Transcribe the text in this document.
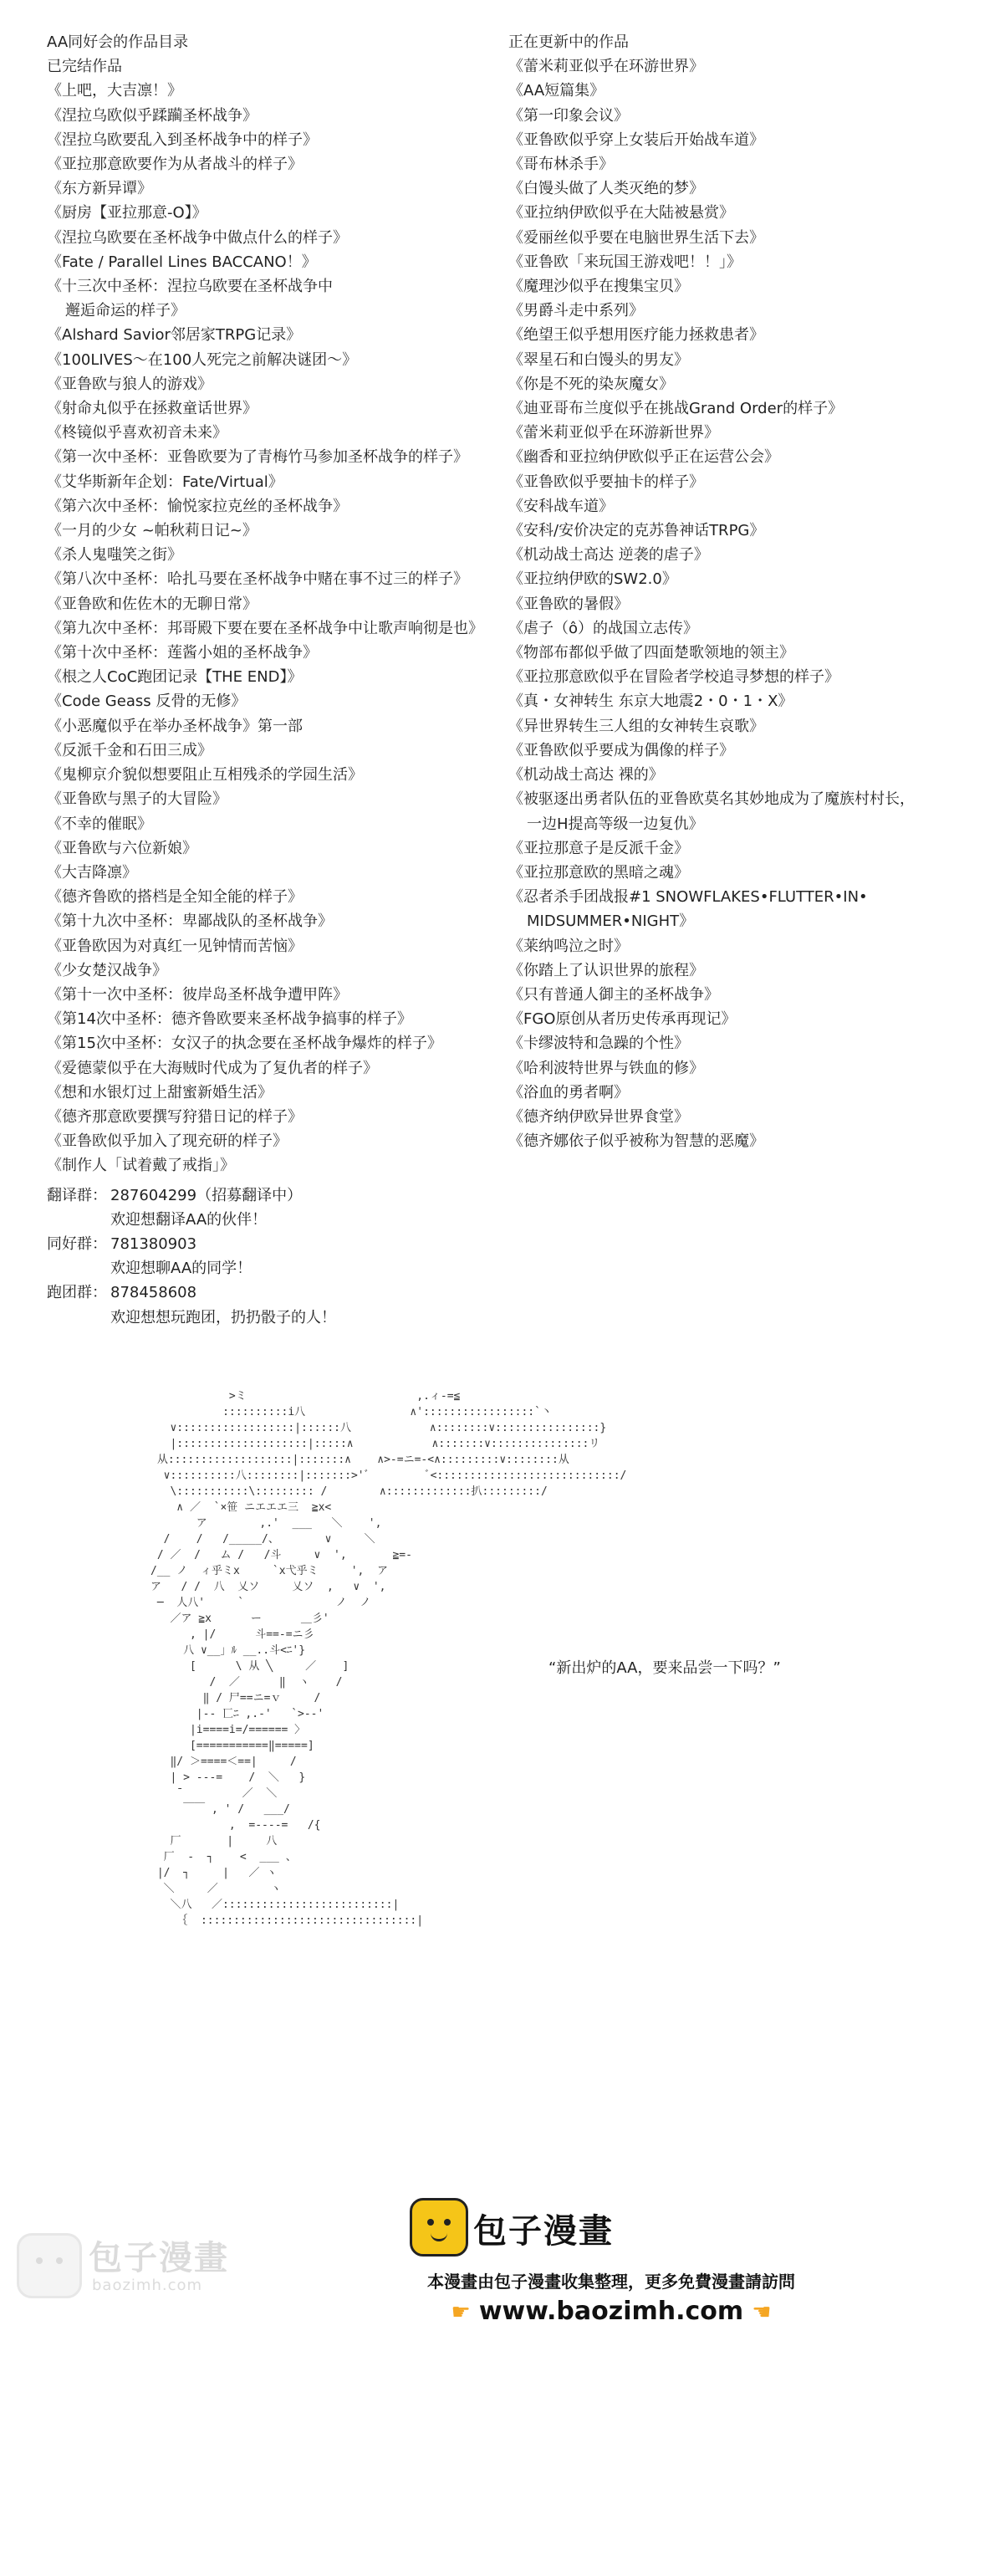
AA同好会的作品目录
已完结作品
《上吧，大吉凛！》
《涅拉乌欧似乎蹂躏圣杯战争》
《涅拉乌欧要乱入到圣杯战争中的样子》
《亚拉那意欧要作为从者战斗的样子》
《东方新异谭》
《厨房【亚拉那意-O】》
《涅拉乌欧要在圣杯战争中做点什么的样子》
《Fate / Parallel Lines BACCANO！》
《十三次中圣杯：涅拉乌欧要在圣杯战争中
邂逅命运的样子》
《Alshard Savior邻居家TRPG记录》
《100LIVES～在100人死完之前解决谜团～》
《亚鲁欧与狼人的游戏》
《射命丸似乎在拯救童话世界》
《柊镜似乎喜欢初音未来》
《第一次中圣杯：亚鲁欧要为了青梅竹马参加圣杯战争的样子》
《艾华斯新年企划：Fate/Virtual》
《第六次中圣杯：愉悦家拉克丝的圣杯战争》
《一月的少女 ~帕秋莉日记~》
《杀人鬼嗤笑之街》
《第八次中圣杯：哈扎马要在圣杯战争中赌在事不过三的样子》
《亚鲁欧和佐佐木的无聊日常》
《第九次中圣杯：邦哥殿下要在要在圣杯战争中让歌声响彻是也》
《第十次中圣杯：莲酱小姐的圣杯战争》
《根之人CoC跑团记录【THE END】》
《Code Geass 反骨的无修》
《小恶魔似乎在举办圣杯战争》第一部
《反派千金和石田三成》
《鬼柳京介貌似想要阻止互相残杀的学园生活》
《亚鲁欧与黑子的大冒险》
《不幸的催眠》
《亚鲁欧与六位新娘》
《大吉降凛》
《德齐鲁欧的搭档是全知全能的样子》
《第十九次中圣杯：卑鄙战队的圣杯战争》
《亚鲁欧因为对真红一见钟情而苦恼》
《少女楚汉战争》
《第十一次中圣杯：彼岸岛圣杯战争遭甲阵》
《第14次中圣杯：德齐鲁欧要来圣杯战争搞事的样子》
《第15次中圣杯：女汉子的执念要在圣杯战争爆炸的样子》
《爱德蒙似乎在大海贼时代成为了复仇者的样子》
《想和水银灯过上甜蜜新婚生活》
《德齐那意欧要撰写狩猎日记的样子》
《亚鲁欧似乎加入了现充研的样子》
《制作人「试着戴了戒指」》
翻译群： 287604299（招募翻译中）
欢迎想翻译AA的伙伴！
同好群： 781380903
欢迎想聊AA的同学！
跑团群： 878458608
欢迎想想玩跑团，扔扔骰子的人！
正在更新中的作品
《蕾米莉亚似乎在环游世界》
《AA短篇集》
《第一印象会议》
《亚鲁欧似乎穿上女装后开始战车道》
《哥布林杀手》
《白馒头做了人类灭绝的梦》
《亚拉纳伊欧似乎在大陆被悬赏》
《爱丽丝似乎要在电脑世界生活下去》
《亚鲁欧「来玩国王游戏吧！！」》
《魔理沙似乎在搜集宝贝》
《男爵斗走中系列》
《绝望王似乎想用医疗能力拯救患者》
《翠星石和白馒头的男友》
《你是不死的染灰魔女》
《迪亚哥布兰度似乎在挑战Grand Order的样子》
《蕾米莉亚似乎在环游新世界》
《幽香和亚拉纳伊欧似乎正在运营公会》
《亚鲁欧似乎要抽卡的样子》
《安科战车道》
《安科/安价决定的克苏鲁神话TRPG》
《机动战士高达 逆袭的虐子》
《亚拉纳伊欧的SW2.0》
《亚鲁欧的暑假》
《虐子（ô）的战国立志传》
《物部布都似乎做了四面楚歌领地的领主》
《亚拉那意欧似乎在冒险者学校追寻梦想的样子》
《真・女神转生 东京大地震2・0・1・X》
《异世界转生三人组的女神转生哀歌》
《亚鲁欧似乎要成为偶像的样子》
《机动战士高达 裸的》
《被驱逐出勇者队伍的亚鲁欧莫名其妙地成为了魔族村村长，
一边H提高等级一边复仇》
《亚拉那意子是反派千金》
《亚拉那意欧的黑暗之魂》
《忍者杀手团战报#1 SNOWFLAKES•FLUTTER•IN•
MIDSUMMER•NIGHT》
《莱纳鸣泣之时》
《你踏上了认识世界的旅程》
《只有普通人御主的圣杯战争》
《FGO原创从者历史传承再现记》
《卡缪波特和急躁的个性》
《哈利波特世界与铁血的修》
《浴血的勇者啊》
《德齐纳伊欧异世界食堂》
《德齐娜依子似乎被称为智慧的恶魔》
>ミ                          ,.ィ-=≦
::::::::::i八                ∧':::::::::::::::::`丶
∨::::::::::::::::::|::::::八            ∧::::::::∨::::::::::::::::}
|::::::::::::::::::::|:::::∧            ∧:::::::∨:::::::::::::::リ
从:::::::::::::::::::|:::::::∧    ∧>-=ニ=-<∧:::::::::∨::::::::从
∨::::::::::八::::::::|:::::::>'ﾞ         ﾞ<::::::::::::::::::::::::::::/
\:::::::::::\::::::::: /        ∧:::::::::::::扒:::::::::/
∧ ／  `×笹 ニエエエ三  ≧x<
ア        ,.'  ___   ＼    ',
/    /   /_____/、       ∨     ＼
/ ／  /   ム /   /斗     ∨  ',       ≧=-
/__ ノ  ィ乎ミx     `x弋乎ミ     ',  ア
ア   / /  八  乂ソ     乂ソ  ,   ∨  ',
─  人八'     `              ノ  ノ
／ア ≧x      ー      ＿彡'
, |/      斗==‐=ニ彡
八 ∨__」ﾙ __..斗<ﾆ'}
[      \ 从 ╲     ／    ]
/  ／      ‖  ヽ    /
‖ / 尸==ニ=ｖ     /
|-‐ 匸ﾆ ,.‐'   `>-‐'
|i====i=/====== 〉
[===========‖=====]
‖/ ＞====＜==|     /
| > -‐‐=    /  ＼   }
̄          ／  ＼
￣￣ , ' /   ___/
,  =-‐-‐=   /{
厂       |     八
厂  ‐  ┐    <  ___ 、
|/  ┐     |   ／ ヽ
＼     ／        ヽ
＼八   ／::::::::::::::::::::::::::|
｛  :::::::::::::::::::::::::::::::::|
“新出炉的AA，要来品尝一下吗？”
包子漫畫
baozimh.com
包子漫畫
本漫畫由包子漫畫收集整理，更多免費漫畫請訪問
☛ www.baozimh.com ☚
